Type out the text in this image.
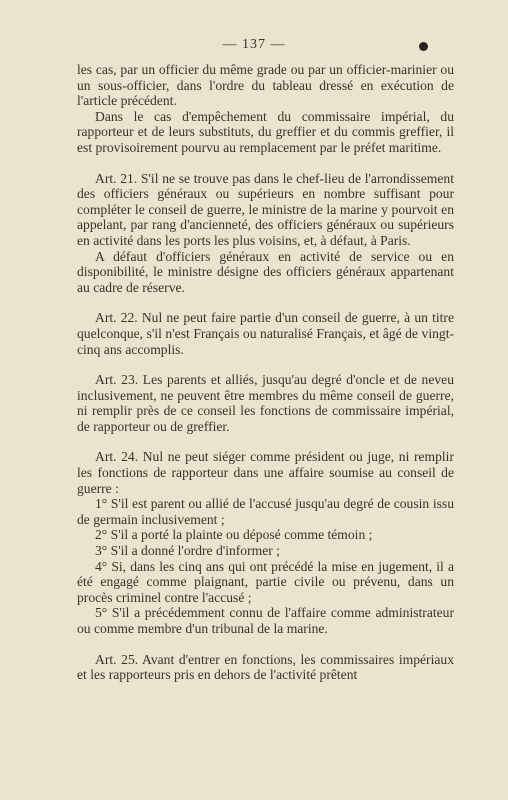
— 137 —

les cas, par un officier du même grade ou par un officier-marinier ou un sous-officier, dans l'ordre du tableau dressé en exécution de l'article précédent.

Dans le cas d'empêchement du commissaire impérial, du rapporteur et de leurs substituts, du greffier et du commis greffier, il est provisoirement pourvu au remplacement par le préfet maritime.

Art. 21. S'il ne se trouve pas dans le chef-lieu de l'arrondissement des officiers généraux ou supérieurs en nombre suffisant pour compléter le conseil de guerre, le ministre de la marine y pourvoit en appelant, par rang d'ancienneté, des officiers généraux ou supérieurs en activité dans les ports les plus voisins, et, à défaut, à Paris.

A défaut d'officiers généraux en activité de service ou en disponibilité, le ministre désigne des officiers généraux appartenant au cadre de réserve.

Art. 22. Nul ne peut faire partie d'un conseil de guerre, à un titre quelconque, s'il n'est Français ou naturalisé Français, et âgé de vingt-cinq ans accomplis.

Art. 23. Les parents et alliés, jusqu'au degré d'oncle et de neveu inclusivement, ne peuvent être membres du même conseil de guerre, ni remplir près de ce conseil les fonctions de commissaire impérial, de rapporteur ou de greffier.

Art. 24. Nul ne peut siéger comme président ou juge, ni remplir les fonctions de rapporteur dans une affaire soumise au conseil de guerre :

1° S'il est parent ou allié de l'accusé jusqu'au degré de cousin issu de germain inclusivement ;

2° S'il a porté la plainte ou déposé comme témoin ;

3° S'il a donné l'ordre d'informer ;

4° Si, dans les cinq ans qui ont précédé la mise en jugement, il a été engagé comme plaignant, partie civile ou prévenu, dans un procès criminel contre l'accusé ;

5° S'il a précédemment connu de l'affaire comme administrateur ou comme membre d'un tribunal de la marine.

Art. 25. Avant d'entrer en fonctions, les commissaires impériaux et les rapporteurs pris en dehors de l'activité prêtent
